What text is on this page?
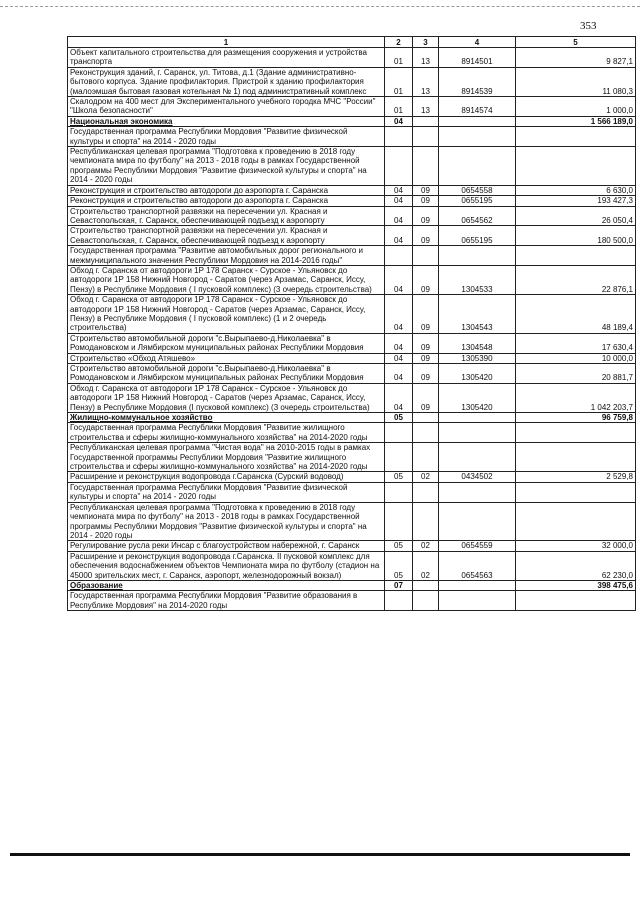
353
1	2	3	4	5
Объект капитального строительства для размещения сооружения и устройства транспорта	01	13	8914501	9 827,1
Реконструкция зданий, г. Саранск, ул. Титова, д.1 (Здание административно-бытового корпуса. Здание профилактория. Пристрой к зданию профилактория (малоэмшая бытовая газовая котельная № 1) под административный комплекс	01	13	8914539	11 080,3
Скалодром на 400 мест для Экспериментального учебного городка МЧС "России" "Школа безопасности"	01	13	8914574	1 000,0
Национальная экономика	04			1 566 189,0
Государственная программа Республики Мордовия "Развитие физической культуры и спорта" на 2014 - 2020 годы				
Республиканская целевая программа "Подготовка к проведению в 2018 году чемпионата мира по футболу" на 2013 - 2018 годы в рамках Государственной программы Республики Мордовия "Развитие физической культуры и спорта" на 2014 - 2020 годы				
Реконструкция и строительство автодороги до аэропорта г. Саранска	04	09	0654558	6 630,0
Реконструкция и строительство автодороги до аэропорта г. Саранска	04	09	0655195	193 427,3
Строительство транспортной развязки на пересечении ул. Красная и Севастопольская, г. Саранск, обеспечивающей подъезд к аэропорту	04	09	0654562	26 050,4
Строительство транспортной развязки на пересечении ул. Красная и Севастопольская, г. Саранск, обеспечивающей подъезд к аэропорту	04	09	0655195	180 500,0
Государственная программа "Развитие автомобильных дорог регионального и межмуниципального значения Республики Мордовия на 2014-2016 годы"				
Обход г. Саранска от автодороги 1Р 178 Саранск - Сурское - Ульяновск до автодороги 1Р 158 Нижний Новгород - Саратов (через Арзамас, Саранск, Иссу, Пензу) в Республике Мордовия ( I пусковой комплекс) (3 очередь строительства)	04	09	1304533	22 876,1
Обход г. Саранска от автодороги 1Р 178 Саранск - Сурское - Ульяновск до автодороги 1Р 158 Нижний Новгород - Саратов (через Арзамас, Саранск, Иссу, Пензу) в Республике Мордовия ( I пусковой комплекс) (1 и 2 очередь строительства)	04	09	1304543	48 189,4
Строительство автомобильной дороги "с.Вырыпаево-д.Николаевка" в Ромодановском и Лямбирском муниципальных районах Республики Мордовия	04	09	1304548	17 630,4
Строительство «Обход Атяшево»	04	09	1305390	10 000,0
Строительство автомобильной дороги "с.Вырыпаево-д.Николаевка" в Ромодановском и Лямбирском муниципальных районах Республики Мордовия	04	09	1305420	20 881,7
Обход г. Саранска от автодороги 1Р 178 Саранск - Сурское - Ульяновск до автодороги 1Р 158 Нижний Новгород - Саратов (через Арзамас, Саранск, Иссу, Пензу) в Республике Мордовия (I пусковой комплекс) (3 очередь строительства)	04	09	1305420	1 042 203,7
Жилищно-коммунальное хозяйство	05			96 759,8
Государственная программа Республики Мордовия "Развитие жилищного строительства и сферы жилищно-коммунального хозяйства" на 2014-2020 годы				
Республиканская целевая программа "Чистая вода" на 2010-2015 годы в рамках Государственной программы Республики Мордовия "Развитие жилищного строительства и сферы жилищно-коммунального хозяйства" на 2014-2020 годы				
Расширение и реконструкция водопровода г.Саранска (Сурский водовод)	05	02	0434502	2 529,8
Государственная программа Республики Мордовия "Развитие физической культуры и спорта" на 2014 - 2020 годы				
Республиканская целевая программа "Подготовка к проведению в 2018 году чемпионата мира по футболу" на 2013 - 2018 годы в рамках Государственной программы Республики Мордовия "Развитие физической культуры и спорта" на 2014 - 2020 годы				
Регулирование русла реки Инсар с благоустройством набережной, г. Саранск	05	02	0654559	32 000,0
Расширение и реконструкция водопровода г.Саранска. II пусковой комплекс для обеспечения водоснабжением объектов Чемпионата мира по футболу (стадион на 45000 зрительских мест, г. Саранск, аэропорт, железнодорожный вокзал)	05	02	0654563	62 230,0
Образование	07			398 475,6
Государственная программа Республики Мордовия "Развитие образования в Республике Мордовия" на 2014-2020 годы				
